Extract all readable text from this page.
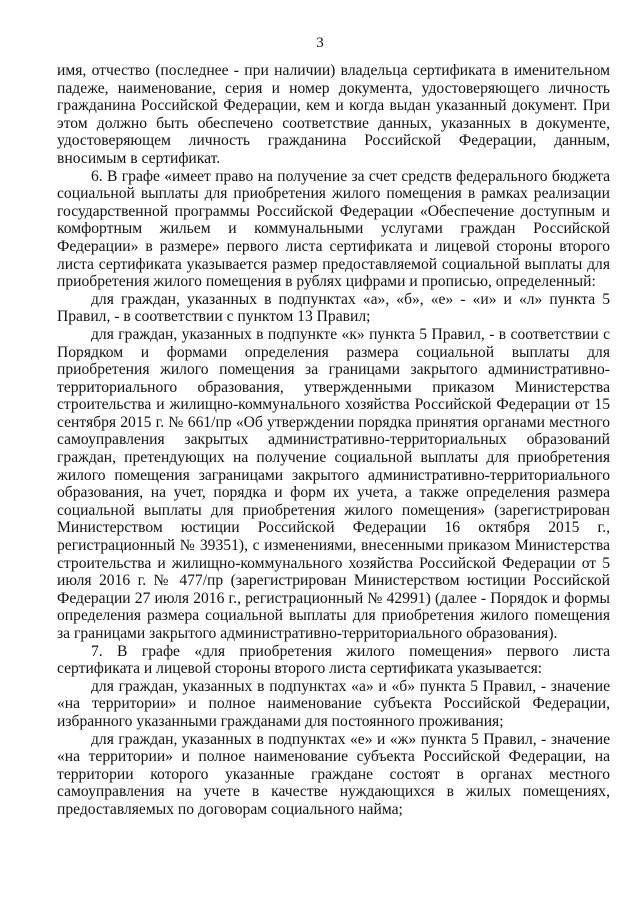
3

имя, отчество (последнее - при наличии) владельца сертификата в именительном падеже, наименование, серия и номер документа, удостоверяющего личность гражданина Российской Федерации, кем и когда выдан указанный документ. При этом должно быть обеспечено соответствие данных, указанных в документе, удостоверяющем личность гражданина Российской Федерации, данным, вносимым в сертификат.

6. В графе «имеет право на получение за счет средств федерального бюджета социальной выплаты для приобретения жилого помещения в рамках реализации государственной программы Российской Федерации «Обеспечение доступным и комфортным жильем и коммунальными услугами граждан Российской Федерации» в размере» первого листа сертификата и лицевой стороны второго листа сертификата указывается размер предоставляемой социальной выплаты для приобретения жилого помещения в рублях цифрами и прописью, определенный:

для граждан, указанных в подпунктах «а», «б», «е» - «и» и «л» пункта 5 Правил, - в соответствии с пунктом 13 Правил;

для граждан, указанных в подпункте «к» пункта 5 Правил, - в соответствии с Порядком и формами определения размера социальной выплаты для приобретения жилого помещения за границами закрытого административно-территориального образования, утвержденными приказом Министерства строительства и жилищно-коммунального хозяйства Российской Федерации от 15 сентября 2015 г. № 661/пр «Об утверждении порядка принятия органами местного самоуправления закрытых административно-территориальных образований граждан, претендующих на получение социальной выплаты для приобретения жилого помещения заграницами закрытого административно-территориального образования, на учет, порядка и форм их учета, а также определения размера социальной выплаты для приобретения жилого помещения» (зарегистрирован Министерством юстиции Российской Федерации 16 октября 2015 г., регистрационный № 39351), с изменениями, внесенными приказом Министерства строительства и жилищно-коммунального хозяйства Российской Федерации от 5 июля 2016 г. № 477/пр (зарегистрирован Министерством юстиции Российской Федерации 27 июля 2016 г., регистрационный № 42991) (далее - Порядок и формы определения размера социальной выплаты для приобретения жилого помещения за границами закрытого административно-территориального образования).

7. В графе «для приобретения жилого помещения» первого листа сертификата и лицевой стороны второго листа сертификата указывается:

для граждан, указанных в подпунктах «а» и «б» пункта 5 Правил, - значение «на территории» и полное наименование субъекта Российской Федерации, избранного указанными гражданами для постоянного проживания;

для граждан, указанных в подпунктах «е» и «ж» пункта 5 Правил, - значение «на территории» и полное наименование субъекта Российской Федерации, на территории которого указанные граждане состоят в органах местного самоуправления на учете в качестве нуждающихся в жилых помещениях, предоставляемых по договорам социального найма;
